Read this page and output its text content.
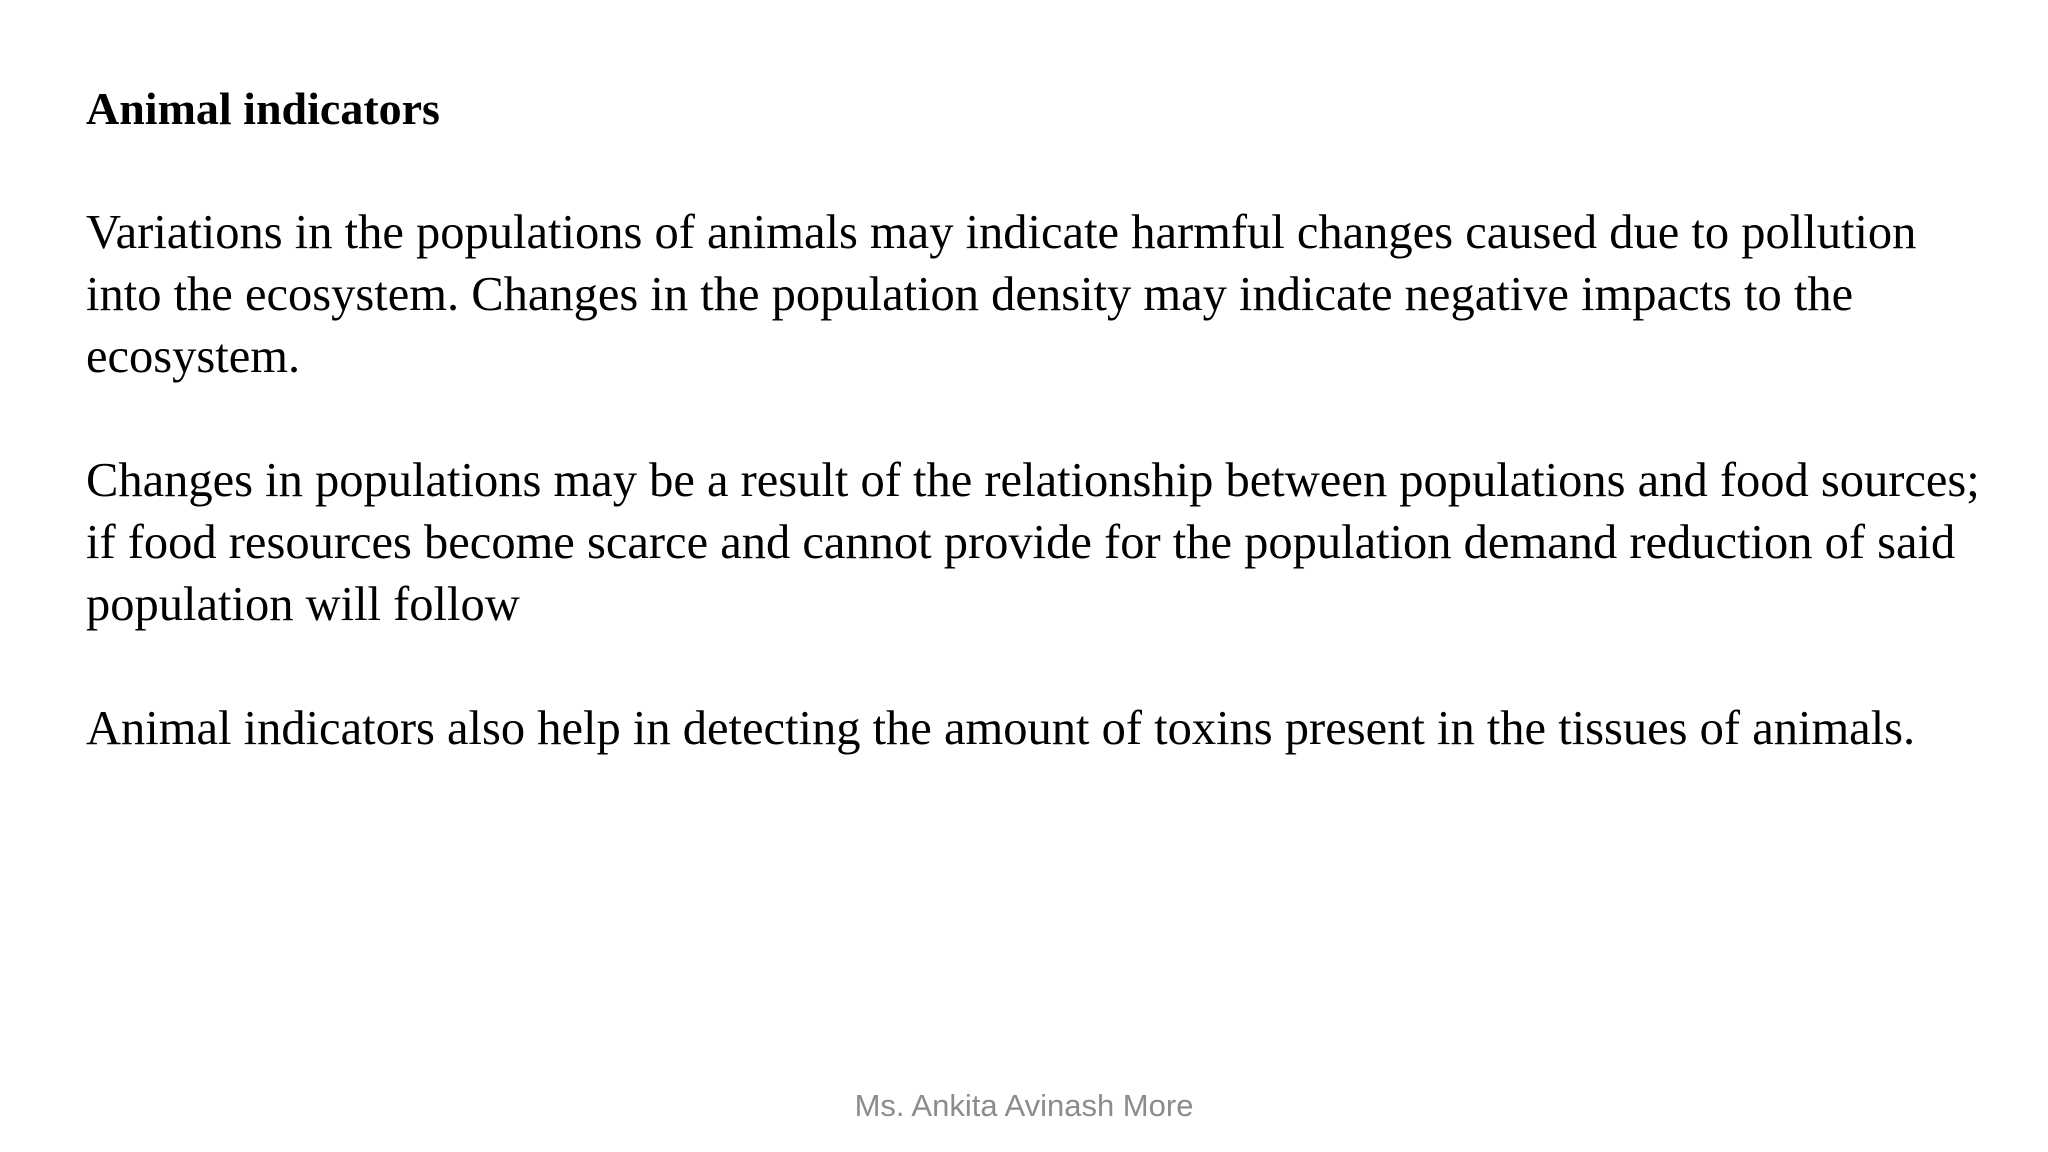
Animal indicators

Variations in the populations of animals may indicate harmful changes caused due to pollution into the ecosystem. Changes in the population density may indicate negative impacts to the ecosystem.

Changes in populations may be a result of the relationship between populations and food sources; if food resources become scarce and cannot provide for the population demand reduction of said population will follow

Animal indicators also help in detecting the amount of toxins present in the tissues of animals.

Ms. Ankita Avinash More
